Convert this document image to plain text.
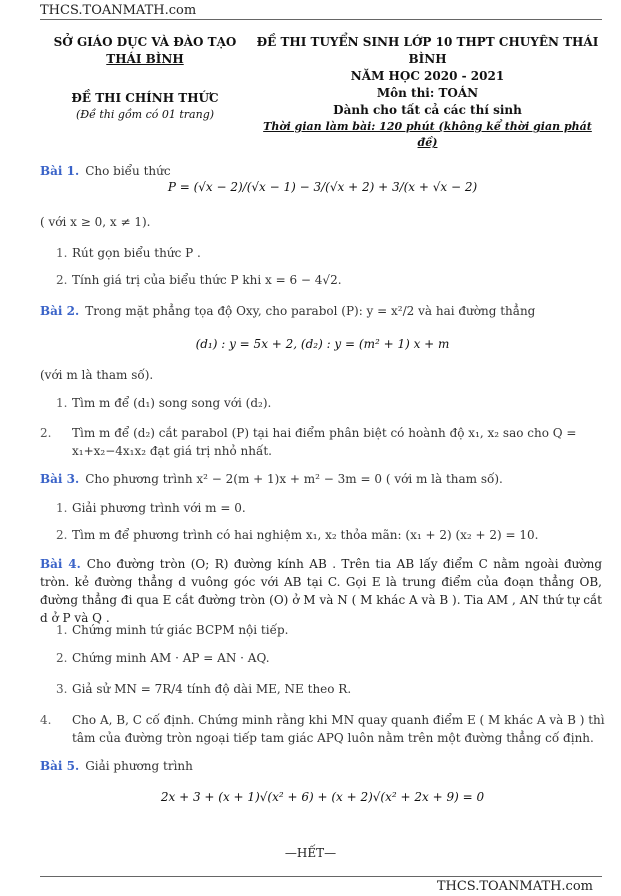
THCS.TOANMATH.com
SỞ GIÁO DỤC VÀ ĐÀO TẠO
THÁI BÌNH
ĐỀ THI CHÍNH THỨC
(Đề thi gồm có 01 trang)
ĐỀ THI TUYỂN SINH LỚP 10 THPT CHUYÊN THÁI BÌNH
NĂM HỌC 2020 - 2021
Môn thi: TOÁN
Dành cho tất cả các thí sinh
Thời gian làm bài: 120 phút (không kể thời gian phát đề)
Bài 1. Cho biểu thức
P = (√x − 2)/(√x − 1) − 3/(√x + 2) + 3/(x + √x − 2)
( với x ≥ 0, x ≠ 1).
1. Rút gọn biểu thức P .
2. Tính giá trị của biểu thức P khi x = 6 − 4√2.
Bài 2. Trong mặt phẳng tọa độ Oxy, cho parabol (P): y = x²/2 và hai đường thẳng
(d₁) : y = 5x + 2, (d₂) : y = (m² + 1) x + m
(với m là tham số).
1. Tìm m để (d₁) song song với (d₂).
2. Tìm m để (d₂) cắt parabol (P) tại hai điểm phân biệt có hoành độ x₁, x₂ sao cho Q = x₁+x₂−4x₁x₂ đạt giá trị nhỏ nhất.
Bài 3. Cho phương trình x² − 2(m + 1)x + m² − 3m = 0 ( với m là tham số).
1. Giải phương trình với m = 0.
2. Tìm m để phương trình có hai nghiệm x₁, x₂ thỏa mãn: (x₁ + 2) (x₂ + 2) = 10.
Bài 4. Cho đường tròn (O; R) đường kính AB . Trên tia AB lấy điểm C nằm ngoài đường tròn. kẻ đường thẳng d vuông góc với AB tại C. Gọi E là trung điểm của đoạn thẳng OB, đường thẳng đi qua E cắt đường tròn (O) ở M và N ( M khác A và B ). Tia AM , AN thứ tự cắt d ở P và Q .
1. Chứng minh tứ giác BCPM nội tiếp.
2. Chứng minh AM · AP = AN · AQ.
3. Giả sử MN = 7R/4 tính độ dài ME, NE theo R.
4. Cho A, B, C cố định. Chứng minh rằng khi MN quay quanh điểm E ( M khác A và B ) thì tâm của đường tròn ngoại tiếp tam giác APQ luôn nằm trên một đường thẳng cố định.
Bài 5. Giải phương trình
2x + 3 + (x + 1)√(x² + 6) + (x + 2)√(x² + 2x + 9) = 0
—HẾT—
THCS.TOANMATH.com
